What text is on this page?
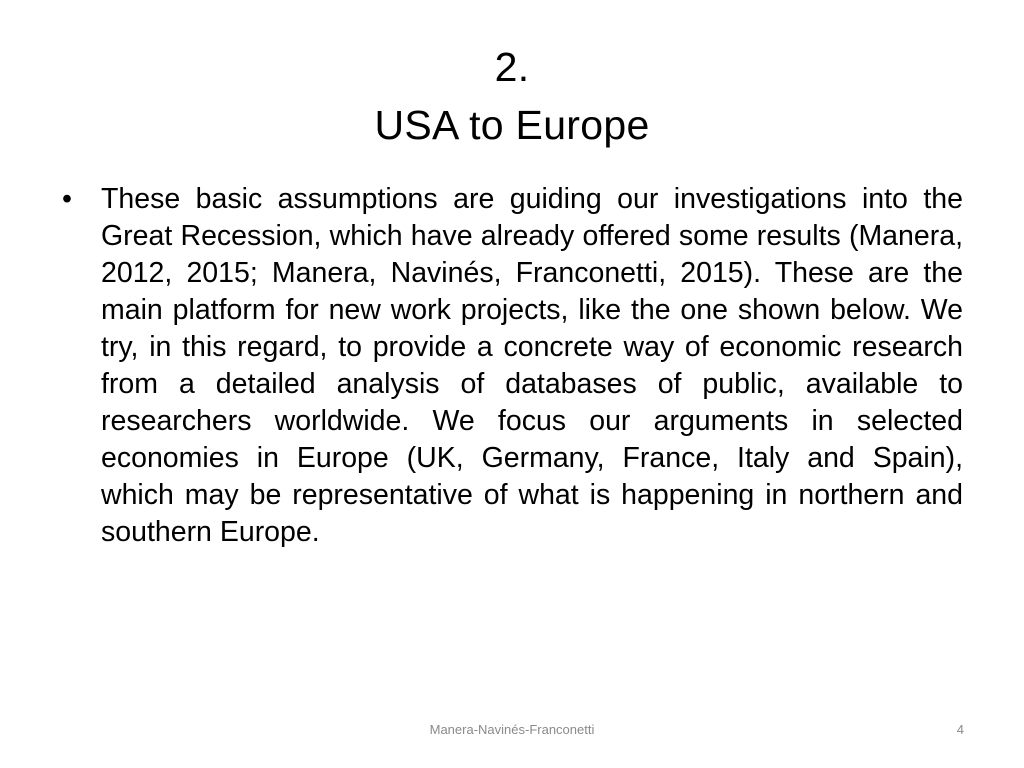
2.
USA to Europe
•	These basic assumptions are guiding our investigations into the Great Recession, which have already offered some results (Manera, 2012, 2015; Manera, Navinés, Franconetti, 2015). These are the main platform for new work projects, like the one shown below. We try, in this regard, to provide a concrete way of economic research from a detailed analysis of databases of public, available to researchers worldwide. We focus our arguments in selected economies in Europe (UK, Germany, France, Italy and Spain), which may be representative of what is happening in northern and southern Europe.
Manera-Navinés-Franconetti	4
